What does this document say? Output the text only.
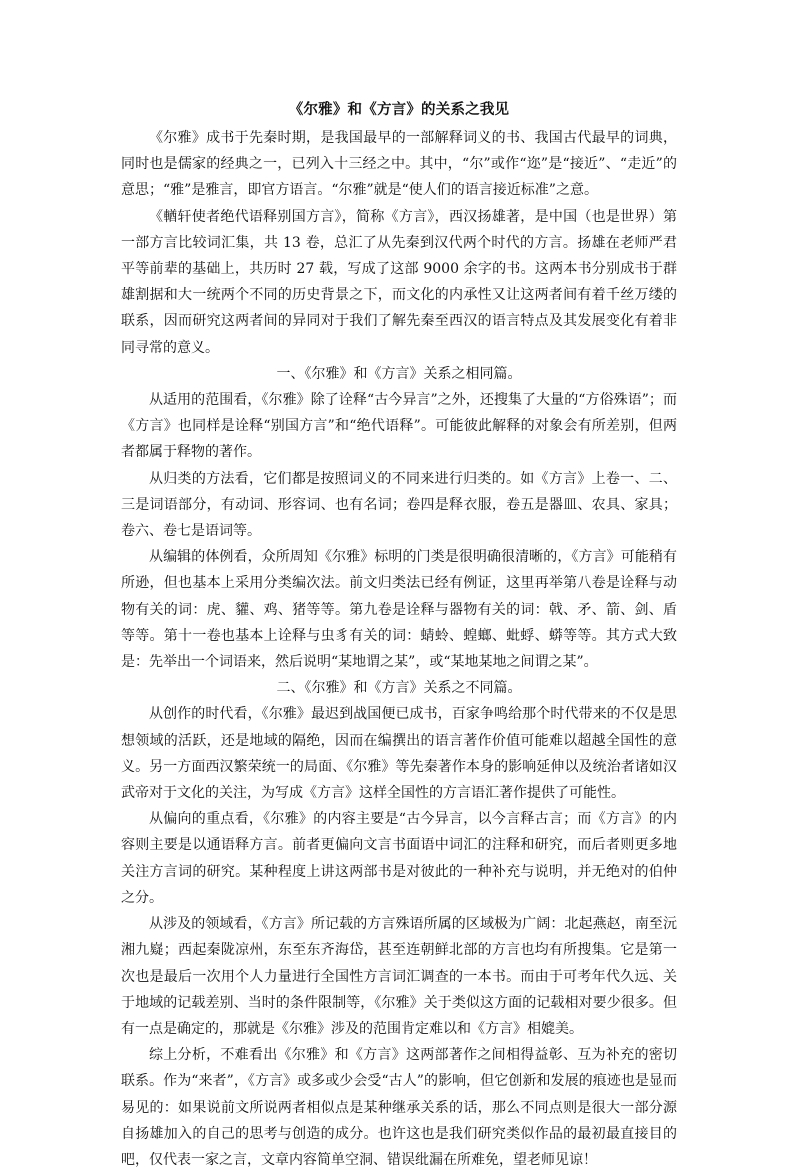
《尔雅》和《方言》的关系之我见

《尔雅》成书于先秦时期，是我国最早的一部解释词义的书、我国古代最早的词典，同时也是儒家的经典之一，已列入十三经之中。其中，“尔”或作“迩”是“接近”、“走近”的意思；“雅”是雅言，即官方语言。“尔雅”就是“使人们的语言接近标准”之意。

《輶轩使者绝代语释别国方言》，简称《方言》，西汉扬雄著，是中国（也是世界）第一部方言比较词汇集，共 13 卷，总汇了从先秦到汉代两个时代的方言。扬雄在老师严君平等前辈的基础上，共历时 27 载，写成了这部 9000 余字的书。这两本书分别成书于群雄割据和大一统两个不同的历史背景之下，而文化的内承性又让这两者间有着千丝万缕的联系，因而研究这两者间的异同对于我们了解先秦至西汉的语言特点及其发展变化有着非同寻常的意义。

一、《尔雅》和《方言》关系之相同篇。

从适用的范围看，《尔雅》除了诠释“古今异言”之外，还搜集了大量的“方俗殊语”；而《方言》也同样是诠释“别国方言”和“绝代语释”。可能彼此解释的对象会有所差别，但两者都属于释物的著作。

从归类的方法看，它们都是按照词义的不同来进行归类的。如《方言》上卷一、二、三是词语部分，有动词、形容词、也有名词；卷四是释衣服，卷五是器皿、农具、家具；卷六、卷七是语词等。

从编辑的体例看，众所周知《尔雅》标明的门类是很明确很清晰的，《方言》可能稍有所逊，但也基本上采用分类编次法。前文归类法已经有例证，这里再举第八卷是诠释与动物有关的词：虎、貛、鸡、猪等等。第九卷是诠释与器物有关的词：戟、矛、箭、剑、盾等等。第十一卷也基本上诠释与虫豸有关的词：蜻蛉、蝗螂、蚍蜉、蟒等等。其方式大致是：先举出一个词语来，然后说明“某地谓之某”，或“某地某地之间谓之某”。

二、《尔雅》和《方言》关系之不同篇。

从创作的时代看，《尔雅》最迟到战国便已成书，百家争鸣给那个时代带来的不仅是思想领域的活跃，还是地域的隔绝，因而在编撰出的语言著作价值可能难以超越全国性的意义。另一方面西汉繁荣统一的局面、《尔雅》等先秦著作本身的影响延伸以及统治者诸如汉武帝对于文化的关注，为写成《方言》这样全国性的方言语汇著作提供了可能性。

从偏向的重点看，《尔雅》的内容主要是“古今异言，以今言释古言；而《方言》的内容则主要是以通语释方言。前者更偏向文言书面语中词汇的注释和研究，而后者则更多地关注方言词的研究。某种程度上讲这两部书是对彼此的一种补充与说明，并无绝对的伯仲之分。

从涉及的领域看，《方言》所记载的方言殊语所属的区域极为广阔：北起燕赵，南至沅湘九嶷；西起秦陇凉州，东至东齐海岱，甚至连朝鲜北部的方言也均有所搜集。它是第一次也是最后一次用个人力量进行全国性方言词汇调查的一本书。而由于可考年代久远、关于地域的记载差别、当时的条件限制等，《尔雅》关于类似这方面的记载相对要少很多。但有一点是确定的，那就是《尔雅》涉及的范围肯定难以和《方言》相媲美。

综上分析，不难看出《尔雅》和《方言》这两部著作之间相得益彰、互为补充的密切联系。作为“来者”，《方言》或多或少会受“古人”的影响，但它创新和发展的痕迹也是显而易见的：如果说前文所说两者相似点是某种继承关系的话，那么不同点则是很大一部分源自扬雄加入的自己的思考与创造的成分。也许这也是我们研究类似作品的最初最直接目的吧，仅代表一家之言，文章内容简单空洞、错误纰漏在所难免，望老师见谅！
